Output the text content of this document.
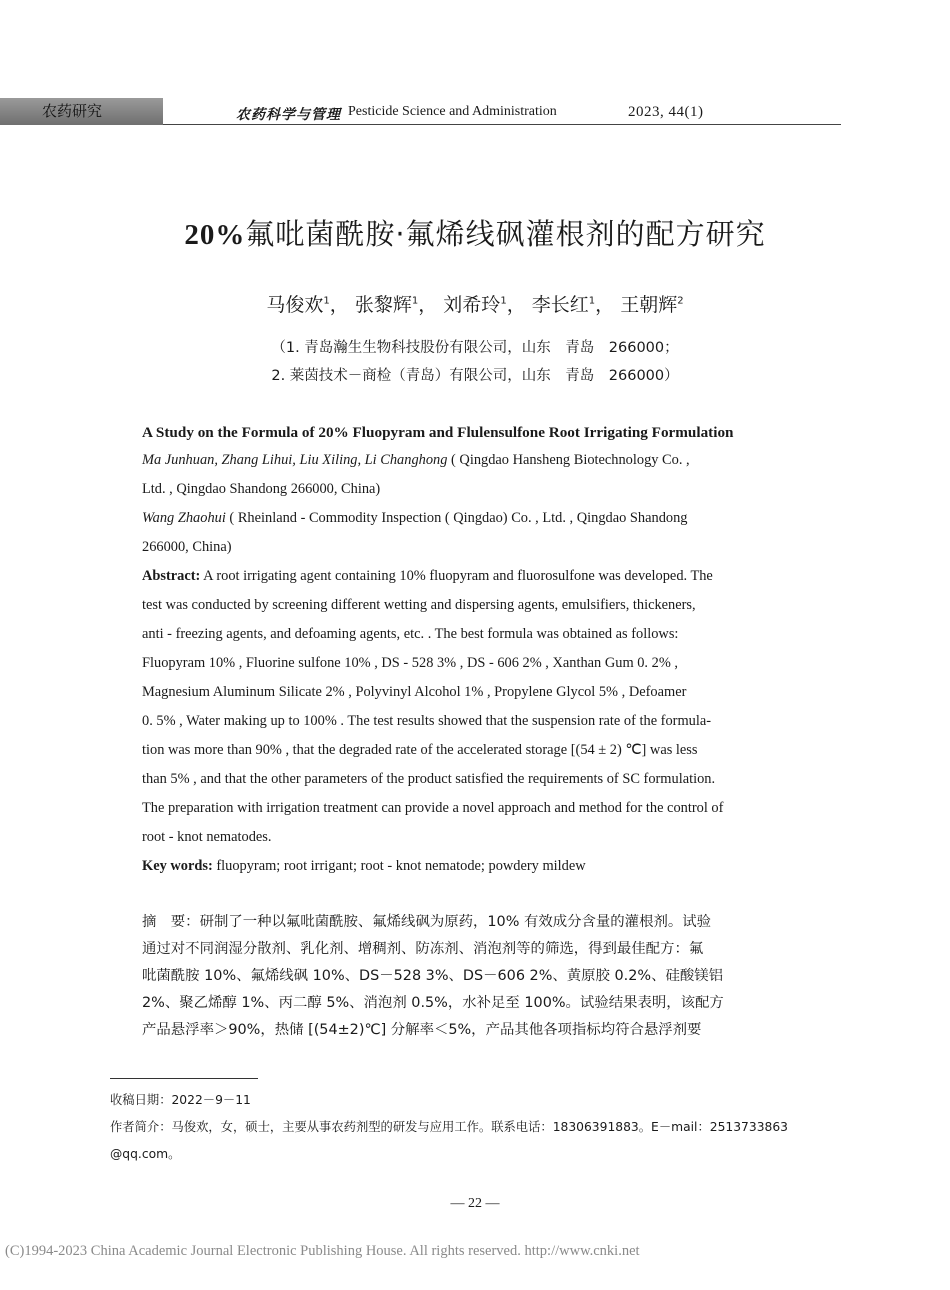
农药研究	农药科学与管理 Pesticide Science and Administration	2023, 44(1)
20%氟吡菌酰胺·氟烯线砜灌根剂的配方研究
马俊欢$^1$， 张黎辉$^1$， 刘希玲$^1$， 李长红$^1$， 王朝辉$^2$
（1. 青岛瀚生生物科技股份有限公司，山东　青岛　266000；
2. 莱茵技术－商检（青岛）有限公司，山东　青岛　266000）
A Study on the Formula of 20% Fluopyram and Flulensulfone Root Irrigating Formulation
Ma Junhuan, Zhang Lihui, Liu Xiling, Li Changhong ( Qingdao Hansheng Biotechnology Co. ,
Ltd. , Qingdao Shandong 266000, China)
Wang Zhaohui ( Rheinland - Commodity Inspection ( Qingdao) Co. , Ltd. , Qingdao Shandong
266000, China)
Abstract: A root irrigating agent containing 10% fluopyram and fluorosulfone was developed. The
test was conducted by screening different wetting and dispersing agents, emulsifiers, thickeners,
anti - freezing agents, and defoaming agents, etc. . The best formula was obtained as follows:
Fluopyram 10% , Fluorine sulfone 10% , DS - 528 3% , DS - 606 2% , Xanthan Gum 0. 2% ,
Magnesium Aluminum Silicate 2% , Polyvinyl Alcohol 1% , Propylene Glycol 5% , Defoamer
0. 5% , Water making up to 100% . The test results showed that the suspension rate of the formula-
tion was more than 90% , that the degraded rate of the accelerated storage [(54 ± 2) ℃] was less
than 5% , and that the other parameters of the product satisfied the requirements of SC formulation.
The preparation with irrigation treatment can provide a novel approach and method for the control of
root - knot nematodes.
Key words: fluopyram; root irrigant; root - knot nematode; powdery mildew
摘　要：研制了一种以氟吡菌酰胺、氟烯线砜为原药，10% 有效成分含量的灌根剂。试验
通过对不同润湿分散剂、乳化剂、增稠剂、防冻剂、消泡剂等的筛选，得到最佳配方：氟
吡菌酰胺 10%、氟烯线砜 10%、DS－528 3%、DS－606 2%、黄原胶 0.2%、硅酸镁铝
2%、聚乙烯醇 1%、丙二醇 5%、消泡剂 0.5%，水补足至 100%。试验结果表明，该配方
产品悬浮率＞90%，热储 [(54±2)℃] 分解率＜5%，产品其他各项指标均符合悬浮剂要
收稿日期：2022－9－11
作者简介：马俊欢，女，硕士，主要从事农药剂型的研发与应用工作。联系电话：18306391883。E－mail：2513733863
@qq.com。
— 22 —
(C)1994-2023 China Academic Journal Electronic Publishing House. All rights reserved. http://www.cnki.net
